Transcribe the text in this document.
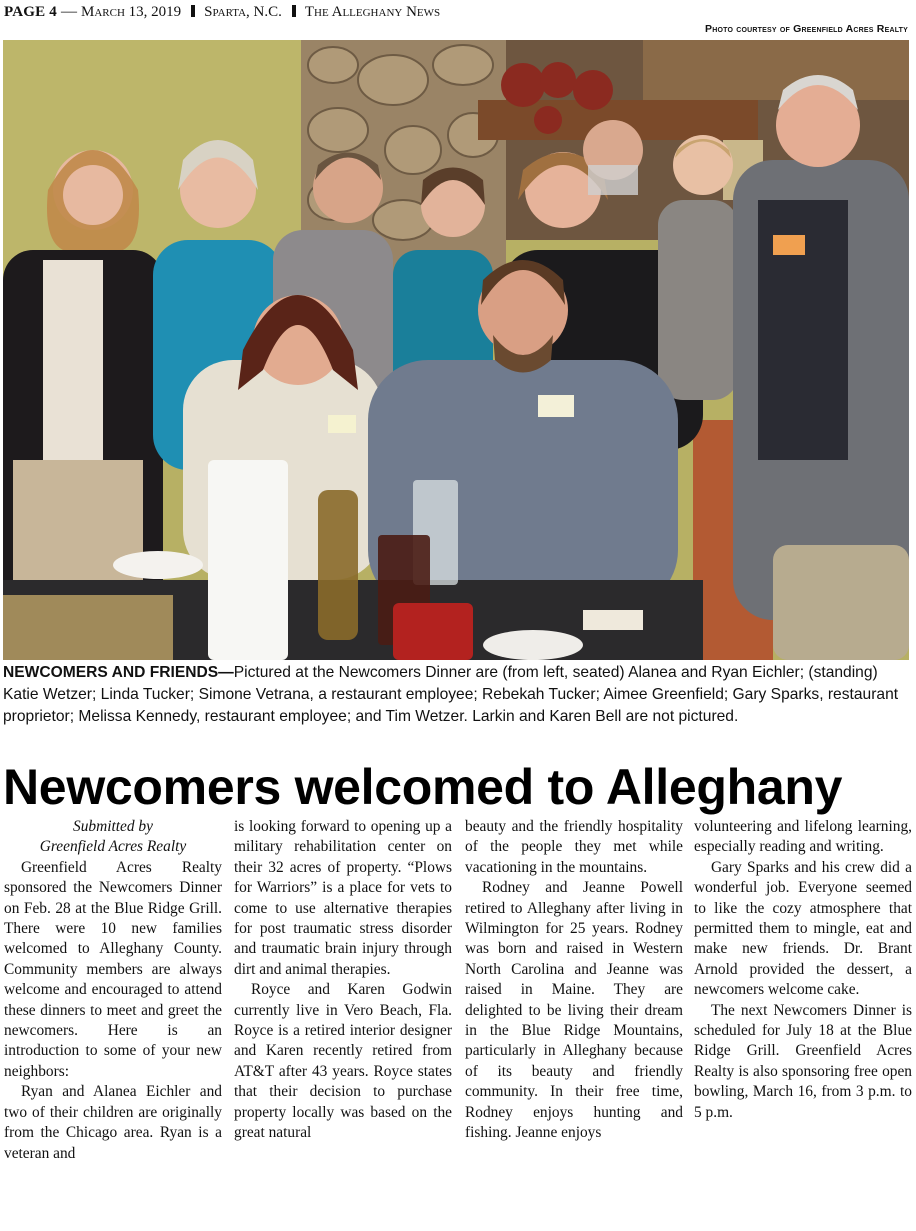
PAGE 4 — March 13, 2019 Sparta, N.C. The Alleghany News
Photo courtesy of Greenfield Acres Realty
NEWCOMERS AND FRIENDS—Pictured at the Newcomers Dinner are (from left, seated) Alanea and Ryan Eichler; (standing) Katie Wetzer; Linda Tucker; Simone Vetrana, a restaurant employee; Rebekah Tucker; Aimee Greenfield; Gary Sparks, restaurant proprietor; Melissa Kennedy, restaurant employee; and Tim Wetzer. Larkin and Karen Bell are not pictured.
Newcomers welcomed to Alleghany

Submitted by

Greenfield Acres Realty

Greenfield Acres Realty sponsored the Newcomers Dinner on Feb. 28 at the Blue Ridge Grill. There were 10 new families welcomed to Alleghany County. Community members are always welcome and encouraged to attend these dinners to meet and greet the newcomers. Here is an introduction to some of your new neighbors:

Ryan and Alanea Eichler and two of their children are originally from the Chicago area. Ryan is a veteran and

is looking forward to opening up a military rehabilitation center on their 32 acres of property. “Plows for Warriors” is a place for vets to come to use alternative therapies for post traumatic stress disorder and traumatic brain injury through dirt and animal therapies.

Royce and Karen Godwin currently live in Vero Beach, Fla. Royce is a retired interior designer and Karen recently retired from AT&T after 43 years. Royce states that their decision to purchase property locally was based on the great natural

beauty and the friendly hospitality of the people they met while vacationing in the mountains.

Rodney and Jeanne Powell retired to Alleghany after living in Wilmington for 25 years. Rodney was born and raised in Western North Carolina and Jeanne was raised in Maine. They are delighted to be living their dream in the Blue Ridge Mountains, particularly in Alleghany because of its beauty and friendly community. In their free time, Rodney enjoys hunting and fishing. Jeanne enjoys

volunteering and lifelong learning, especially reading and writing.

Gary Sparks and his crew did a wonderful job. Everyone seemed to like the cozy atmosphere that permitted them to mingle, eat and make new friends. Dr. Brant Arnold provided the dessert, a newcomers welcome cake.

The next Newcomers Dinner is scheduled for July 18 at the Blue Ridge Grill. Greenfield Acres Realty is also sponsoring free open bowling, March 16, from 3 p.m. to 5 p.m.
